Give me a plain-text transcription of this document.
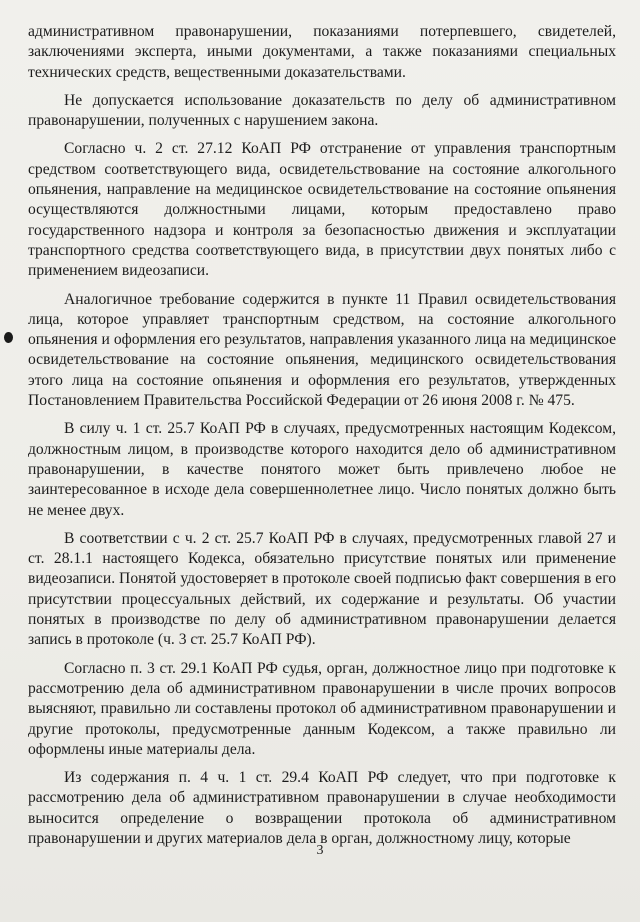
административном правонарушении, показаниями потерпевшего, свидетелей, заключениями эксперта, иными документами, а также показаниями специальных технических средств, вещественными доказательствами.

Не допускается использование доказательств по делу об административном правонарушении, полученных с нарушением закона.

Согласно ч. 2 ст. 27.12 КоАП РФ отстранение от управления транспортным средством соответствующего вида, освидетельствование на состояние алкогольного опьянения, направление на медицинское освидетельствование на состояние опьянения осуществляются должностными лицами, которым предоставлено право государственного надзора и контроля за безопасностью движения и эксплуатации транспортного средства соответствующего вида, в присутствии двух понятых либо с применением видеозаписи.

Аналогичное требование содержится в пункте 11 Правил освидетельствования лица, которое управляет транспортным средством, на состояние алкогольного опьянения и оформления его результатов, направления указанного лица на медицинское освидетельствование на состояние опьянения, медицинского освидетельствования этого лица на состояние опьянения и оформления его результатов, утвержденных Постановлением Правительства Российской Федерации от 26 июня 2008 г. № 475.

В силу ч. 1 ст. 25.7 КоАП РФ в случаях, предусмотренных настоящим Кодексом, должностным лицом, в производстве которого находится дело об административном правонарушении, в качестве понятого может быть привлечено любое не заинтересованное в исходе дела совершеннолетнее лицо. Число понятых должно быть не менее двух.

В соответствии с ч. 2 ст. 25.7 КоАП РФ в случаях, предусмотренных главой 27 и ст. 28.1.1 настоящего Кодекса, обязательно присутствие понятых или применение видеозаписи. Понятой удостоверяет в протоколе своей подписью факт совершения в его присутствии процессуальных действий, их содержание и результаты. Об участии понятых в производстве по делу об административном правонарушении делается запись в протоколе (ч. 3 ст. 25.7 КоАП РФ).

Согласно п. 3 ст. 29.1 КоАП РФ судья, орган, должностное лицо при подготовке к рассмотрению дела об административном правонарушении в числе прочих вопросов выясняют, правильно ли составлены протокол об административном правонарушении и другие протоколы, предусмотренные данным Кодексом, а также правильно ли оформлены иные материалы дела.

Из содержания п. 4 ч. 1 ст. 29.4 КоАП РФ следует, что при подготовке к рассмотрению дела об административном правонарушении в случае необходимости выносится определение о возвращении протокола об административном правонарушении и других материалов дела в орган, должностному лицу, которые

3
